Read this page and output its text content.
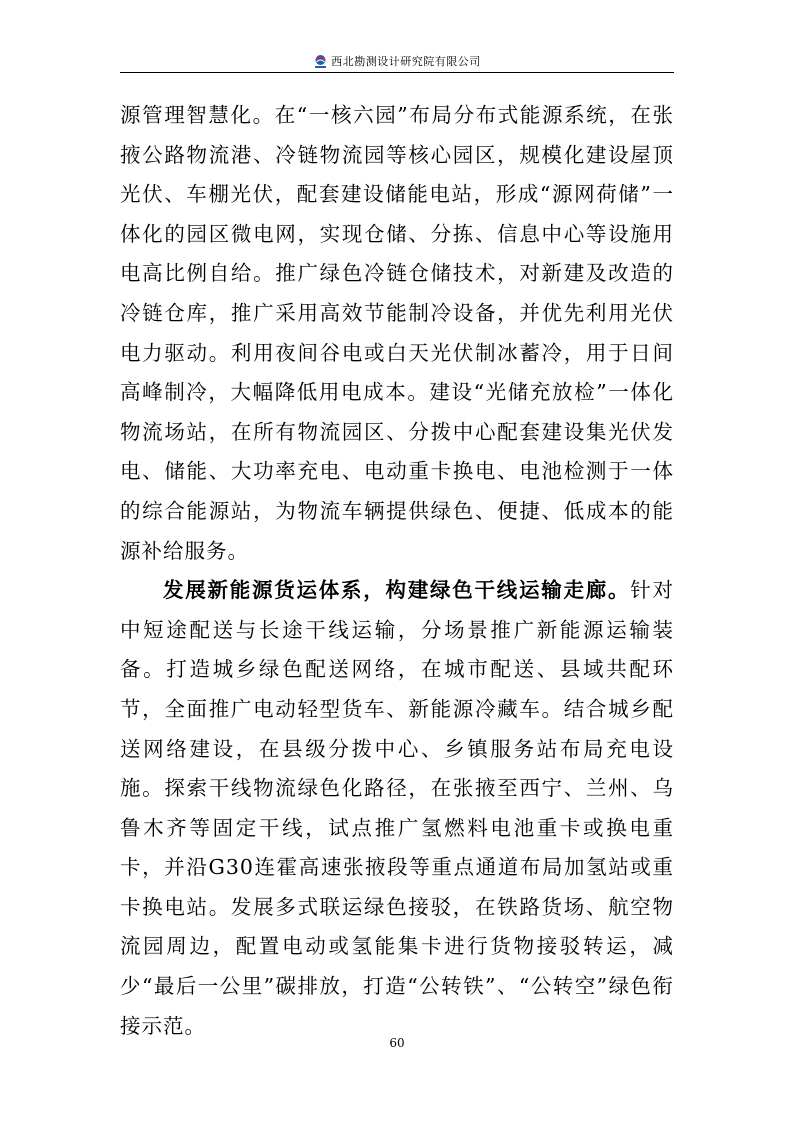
西北勘测设计研究院有限公司

源管理智慧化。在“一核六园”布局分布式能源系统，在张掖公路物流港、冷链物流园等核心园区，规模化建设屋顶光伏、车棚光伏，配套建设储能电站，形成“源网荷储”一体化的园区微电网，实现仓储、分拣、信息中心等设施用电高比例自给。推广绿色冷链仓储技术，对新建及改造的冷链仓库，推广采用高效节能制冷设备，并优先利用光伏电力驱动。利用夜间谷电或白天光伏制冰蓄冷，用于日间高峰制冷，大幅降低用电成本。建设“光储充放检”一体化物流场站，在所有物流园区、分拨中心配套建设集光伏发电、储能、大功率充电、电动重卡换电、电池检测于一体的综合能源站，为物流车辆提供绿色、便捷、低成本的能源补给服务。

发展新能源货运体系，构建绿色干线运输走廊。针对中短途配送与长途干线运输，分场景推广新能源运输装备。打造城乡绿色配送网络，在城市配送、县域共配环节，全面推广电动轻型货车、新能源冷藏车。结合城乡配送网络建设，在县级分拨中心、乡镇服务站布局充电设施。探索干线物流绿色化路径，在张掖至西宁、兰州、乌鲁木齐等固定干线，试点推广氢燃料电池重卡或换电重卡，并沿G30连霍高速张掖段等重点通道布局加氢站或重卡换电站。发展多式联运绿色接驳，在铁路货场、航空物流园周边，配置电动或氢能集卡进行货物接驳转运，减少“最后一公里”碳排放，打造“公转铁”、“公转空”绿色衔接示范。

60
